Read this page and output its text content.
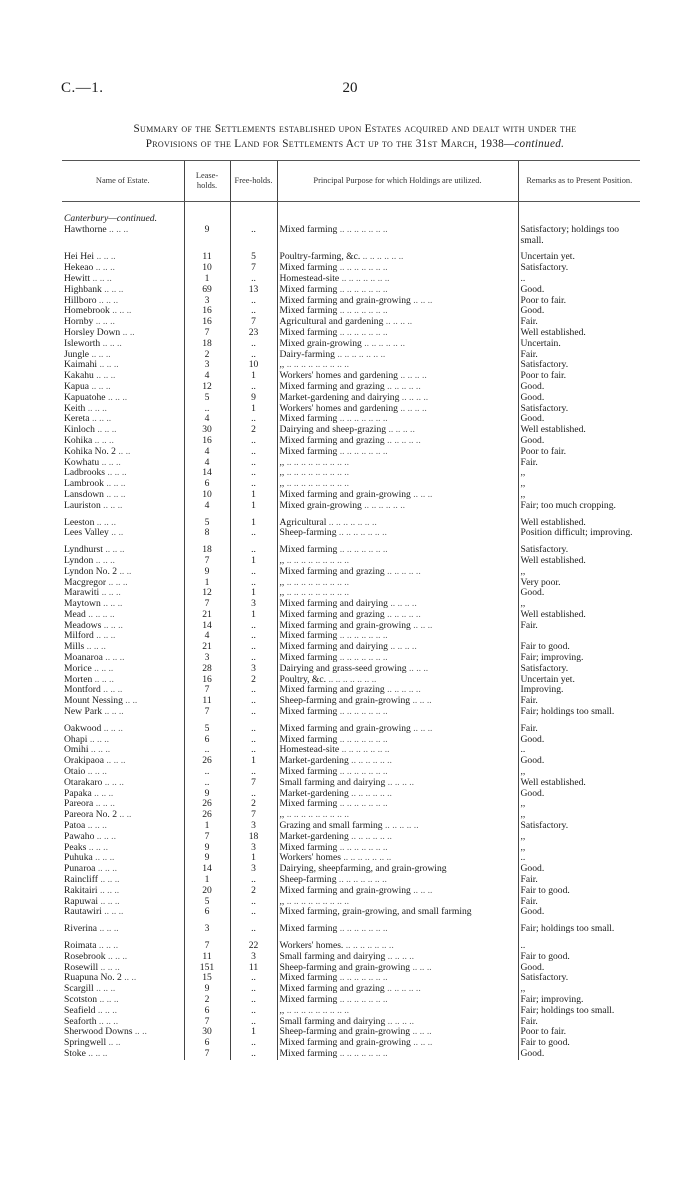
C.—1.	20
Summary of the Settlements established upon Estates acquired and dealt with under the
Provisions of the Land for Settlements Act up to the 31st March, 1938—continued.
Name of Estate.	Lease-holds.	Free-holds.	Principal Purpose for which Holdings are utilized.	Remarks as to Present Position.
Canterbury—continued.				
Hawthorne .. .. ..	9	..	Mixed farming .. .. .. .. .. .. ..	Satisfactory; holdings too small.
Hei Hei .. .. ..	11	5	Poultry-farming, &c. .. .. .. .. .. ..	Uncertain yet.
Hekeao .. .. ..	10	7	Mixed farming .. .. .. .. .. .. ..	Satisfactory.
Hewitt .. .. ..	1	..	Homestead-site .. .. .. .. .. .. ..	..
Highbank .. .. ..	69	13	Mixed farming .. .. .. .. .. .. ..	Good.
Hillboro .. .. ..	3	..	Mixed farming and grain-growing .. .. ..	Poor to fair.
Homebrook .. .. ..	16	..	Mixed farming .. .. .. .. .. .. ..	Good.
Hornby .. .. ..	16	7	Agricultural and gardening .. .. .. ..	Fair.
Horsley Down .. ..	7	23	Mixed farming .. .. .. .. .. .. ..	Well established.
Isleworth .. .. ..	18	..	Mixed grain-growing .. .. .. .. .. ..	Uncertain.
Jungle .. .. ..	2	..	Dairy-farming .. .. .. .. .. .. ..	Fair.
Kaimahi .. .. ..	3	10	,, .. .. .. .. .. .. .. .. ..	Satisfactory.
Kakahu .. .. ..	4	1	Workers' homes and gardening .. .. .. ..	Poor to fair.
Kapua .. .. ..	12	..	Mixed farming and grazing .. .. .. .. ..	Good.
Kapuatohe .. .. ..	5	9	Market-gardening and dairying .. .. .. ..	Good.
Keith .. .. ..	..	1	Workers' homes and gardening .. .. .. ..	Satisfactory.
Kereta .. .. ..	4	..	Mixed farming .. .. .. .. .. .. ..	Good.
Kinloch .. .. ..	30	2	Dairying and sheep-grazing .. .. .. ..	Well established.
Kohika .. .. ..	16	..	Mixed farming and grazing .. .. .. .. ..	Good.
Kohika No. 2 .. ..	4	..	Mixed farming .. .. .. .. .. .. ..	Poor to fair.
Kowhatu .. .. ..	4	..	,, .. .. .. .. .. .. .. .. ..	Fair.
Ladbrooks .. .. ..	14	..	,, .. .. .. .. .. .. .. .. ..	,,
Lambrook .. .. ..	6	..	,, .. .. .. .. .. .. .. .. ..	,,
Lansdown .. .. ..	10	1	Mixed farming and grain-growing .. .. ..	,,
Lauriston .. .. ..	4	1	Mixed grain-growing .. .. .. .. .. ..	Fair; too much cropping.
Leeston .. .. ..	5	1	Agricultural .. .. .. .. .. .. ..	Well established.
Lees Valley .. ..	8	..	Sheep-farming .. .. .. .. .. .. ..	Position difficult; improving.
Lyndhurst .. .. ..	18	..	Mixed farming .. .. .. .. .. .. ..	Satisfactory.
Lyndon .. .. ..	7	1	,, .. .. .. .. .. .. .. .. ..	Well established.
Lyndon No. 2 .. ..	9	..	Mixed farming and grazing .. .. .. .. ..	,,
Macgregor .. .. ..	1	..	,, .. .. .. .. .. .. .. .. ..	Very poor.
Marawiti .. .. ..	12	1	,, .. .. .. .. .. .. .. .. ..	Good.
Maytown .. .. ..	7	3	Mixed farming and dairying .. .. .. ..	,,
Mead .. .. .. ..	21	1	Mixed farming and grazing .. .. .. .. ..	Well established.
Meadows .. .. ..	14	..	Mixed farming and grain-growing .. .. ..	Fair.
Milford .. .. ..	4	..	Mixed farming .. .. .. .. .. .. ..	
Mills .. .. ..	21	..	Mixed farming and dairying .. .. .. ..	Fair to good.
Moanaroa .. .. ..	3	..	Mixed farming .. .. .. .. .. .. ..	Fair; improving.
Morice .. .. ..	28	3	Dairying and grass-seed growing .. .. ..	Satisfactory.
Morten .. .. ..	16	2	Poultry, &c. .. .. .. .. .. .. ..	Uncertain yet.
Montford .. .. ..	7	..	Mixed farming and grazing .. .. .. .. ..	Improving.
Mount Nessing .. ..	11	..	Sheep-farming and grain-growing .. .. ..	Fair.
New Park .. .. ..	7	..	Mixed farming .. .. .. .. .. .. ..	Fair; holdings too small.
Oakwood .. .. ..	5	..	Mixed farming and grain-growing .. .. ..	Fair.
Ohapi .. .. ..	6	..	Mixed farming .. .. .. .. .. .. ..	Good.
Omihi .. .. ..	..	..	Homestead-site .. .. .. .. .. .. ..	..
Orakipaoa .. .. ..	26	1	Market-gardening .. .. .. .. .. ..	Good.
Otaio .. .. ..	..	..	Mixed farming .. .. .. .. .. .. ..	,,
Otarakaro .. .. ..	..	7	Small farming and dairying .. .. .. ..	Well established.
Papaka .. .. ..	9	..	Market-gardening .. .. .. .. .. ..	Good.
Pareora .. .. ..	26	2	Mixed farming .. .. .. .. .. .. ..	,,
Pareora No. 2 .. ..	26	7	,, .. .. .. .. .. .. .. .. ..	,,
Patoa .. .. ..	1	3	Grazing and small farming .. .. .. .. ..	Satisfactory.
Pawaho .. .. ..	7	18	Market-gardening .. .. .. .. .. ..	,,
Peaks .. .. ..	9	3	Mixed farming .. .. .. .. .. .. ..	,,
Puhuka .. .. ..	9	1	Workers' homes .. .. .. .. .. .. ..	..
Punaroa .. .. ..	14	3	Dairying, sheepfarming, and grain-growing	Good.
Raincliff .. .. ..	1	..	Sheep-farming .. .. .. .. .. .. ..	Fair.
Rakitairi .. .. ..	20	2	Mixed farming and grain-growing .. .. ..	Fair to good.
Rapuwai .. .. ..	5	..	,, .. .. .. .. .. .. .. .. ..	Fair.
Rautawiri .. .. ..	6	..	Mixed farming, grain-growing, and small farming	Good.
Riverina .. .. ..	3	..	Mixed farming .. .. .. .. .. .. ..	Fair; holdings too small.
Roimata .. .. ..	7	22	Workers' homes. .. .. .. .. .. .. ..	..
Rosebrook .. .. ..	11	3	Small farming and dairying .. .. .. ..	Fair to good.
Rosewill .. .. ..	151	11	Sheep-farming and grain-growing .. .. ..	Good.
Ruapuna No. 2 .. ..	15	..	Mixed farming .. .. .. .. .. .. ..	Satisfactory.
Scargill .. .. ..	9	..	Mixed farming and grazing .. .. .. .. ..	,,
Scotston .. .. ..	2	..	Mixed farming .. .. .. .. .. .. ..	Fair; improving.
Seafield .. .. ..	6	..	,, .. .. .. .. .. .. .. .. ..	Fair; holdings too small.
Seaforth .. .. ..	7	..	Small farming and dairying .. .. .. ..	Fair.
Sherwood Downs .. ..	30	1	Sheep-farming and grain-growing .. .. ..	Poor to fair.
Springwell .. ..	6	..	Mixed farming and grain-growing .. .. ..	Fair to good.
Stoke .. .. ..	7	..	Mixed farming .. .. .. .. .. .. ..	Good.
